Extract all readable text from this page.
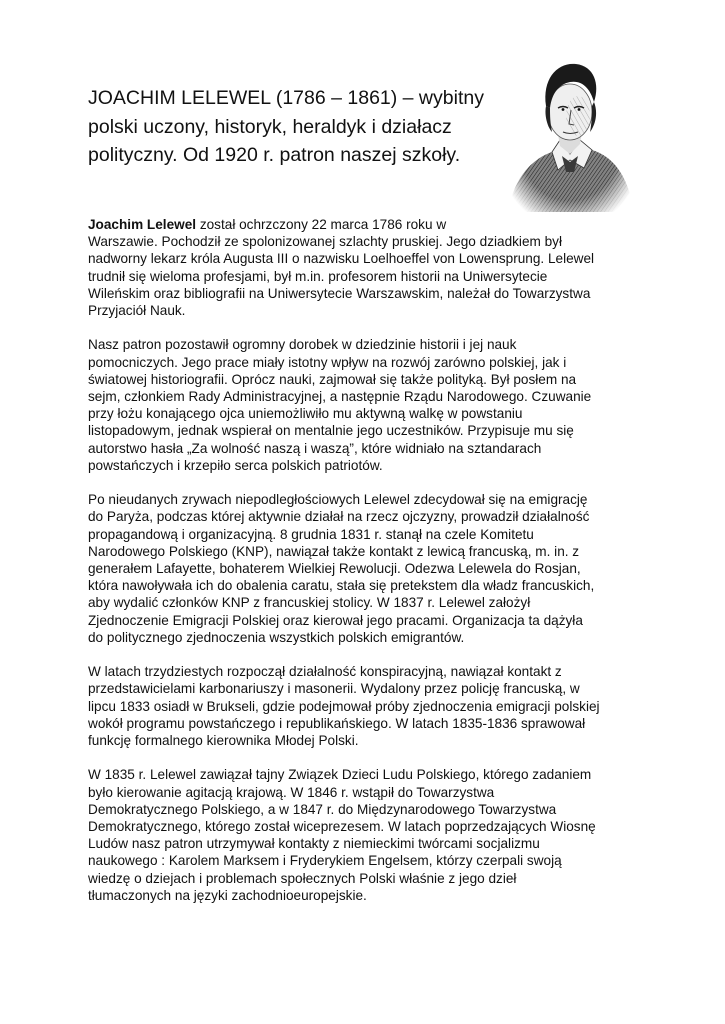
JOACHIM LELEWEL (1786 – 1861) – wybitny
polski uczony, historyk, heraldyk i działacz
polityczny. Od 1920 r. patron naszej szkoły.

Joachim Lelewel został ochrzczony 22 marca 1786 roku w
Warszawie. Pochodził ze spolonizowanej szlachty pruskiej. Jego dziadkiem był
nadworny lekarz króla Augusta III o nazwisku Loelhoeffel von Lowensprung. Lelewel
trudnił się wieloma profesjami, był m.in. profesorem historii na Uniwersytecie
Wileńskim oraz bibliografii na Uniwersytecie Warszawskim, należał do Towarzystwa
Przyjaciół Nauk.

Nasz patron pozostawił ogromny dorobek w dziedzinie historii i jej nauk
pomocniczych. Jego prace miały istotny wpływ na rozwój zarówno polskiej, jak i
światowej historiografii. Oprócz nauki, zajmował się także polityką. Był posłem na
sejm, członkiem Rady Administracyjnej, a następnie Rządu Narodowego. Czuwanie
przy łożu konającego ojca uniemożliwiło mu aktywną walkę w powstaniu
listopadowym, jednak wspierał on mentalnie jego uczestników. Przypisuje mu się
autorstwo hasła „Za wolność naszą i waszą”, które widniało na sztandarach
powstańczych i krzepiło serca polskich patriotów.

Po nieudanych zrywach niepodległościowych Lelewel zdecydował się na emigrację
do Paryża, podczas której aktywnie działał na rzecz ojczyzny, prowadził działalność
propagandową i organizacyjną. 8 grudnia 1831 r. stanął na czele Komitetu
Narodowego Polskiego (KNP), nawiązał także kontakt z lewicą francuską, m. in. z
generałem Lafayette, bohaterem Wielkiej Rewolucji. Odezwa Lelewela do Rosjan,
która nawoływała ich do obalenia caratu, stała się pretekstem dla władz francuskich,
aby wydalić członków KNP z francuskiej stolicy. W 1837 r. Lelewel założył
Zjednoczenie Emigracji Polskiej oraz kierował jego pracami. Organizacja ta dążyła
do politycznego zjednoczenia wszystkich polskich emigrantów.

W latach trzydziestych rozpoczął działalność konspiracyjną, nawiązał kontakt z
przedstawicielami karbonariuszy i masonerii. Wydalony przez policję francuską, w
lipcu 1833 osiadł w Brukseli, gdzie podejmował próby zjednoczenia emigracji polskiej
wokół programu powstańczego i republikańskiego. W latach 1835-1836 sprawował
funkcję formalnego kierownika Młodej Polski.

W 1835 r. Lelewel zawiązał tajny Związek Dzieci Ludu Polskiego, którego zadaniem
było kierowanie agitacją krajową. W 1846 r. wstąpił do Towarzystwa
Demokratycznego Polskiego, a w 1847 r. do Międzynarodowego Towarzystwa
Demokratycznego, którego został wiceprezesem. W latach poprzedzających Wiosnę
Ludów nasz patron utrzymywał kontakty z niemieckimi twórcami socjalizmu
naukowego : Karolem Marksem i Fryderykiem Engelsem, którzy czerpali swoją
wiedzę o dziejach i problemach społecznych Polski właśnie z jego dzieł
tłumaczonych na języki zachodnioeuropejskie.
